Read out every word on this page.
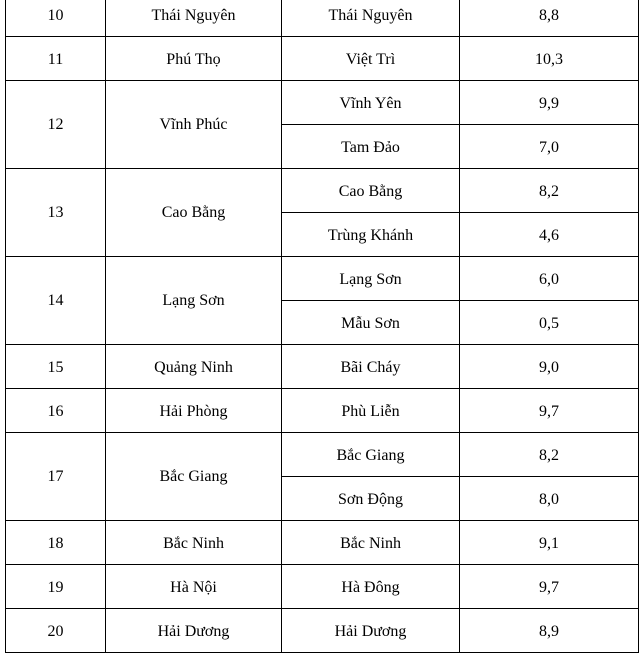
10	Thái Nguyên	Thái Nguyên	8,8
11	Phú Thọ	Việt Trì	10,3
12	Vĩnh Phúc	Vĩnh Yên	9,9
		Tam Đảo	7,0
13	Cao Bằng	Cao Bằng	8,2
		Trùng Khánh	4,6
14	Lạng Sơn	Lạng Sơn	6,0
		Mẫu Sơn	0,5
15	Quảng Ninh	Bãi Cháy	9,0
16	Hải Phòng	Phù Liễn	9,7
17	Bắc Giang	Bắc Giang	8,2
		Sơn Động	8,0
18	Bắc Ninh	Bắc Ninh	9,1
19	Hà Nội	Hà Đông	9,7
20	Hải Dương	Hải Dương	8,9
